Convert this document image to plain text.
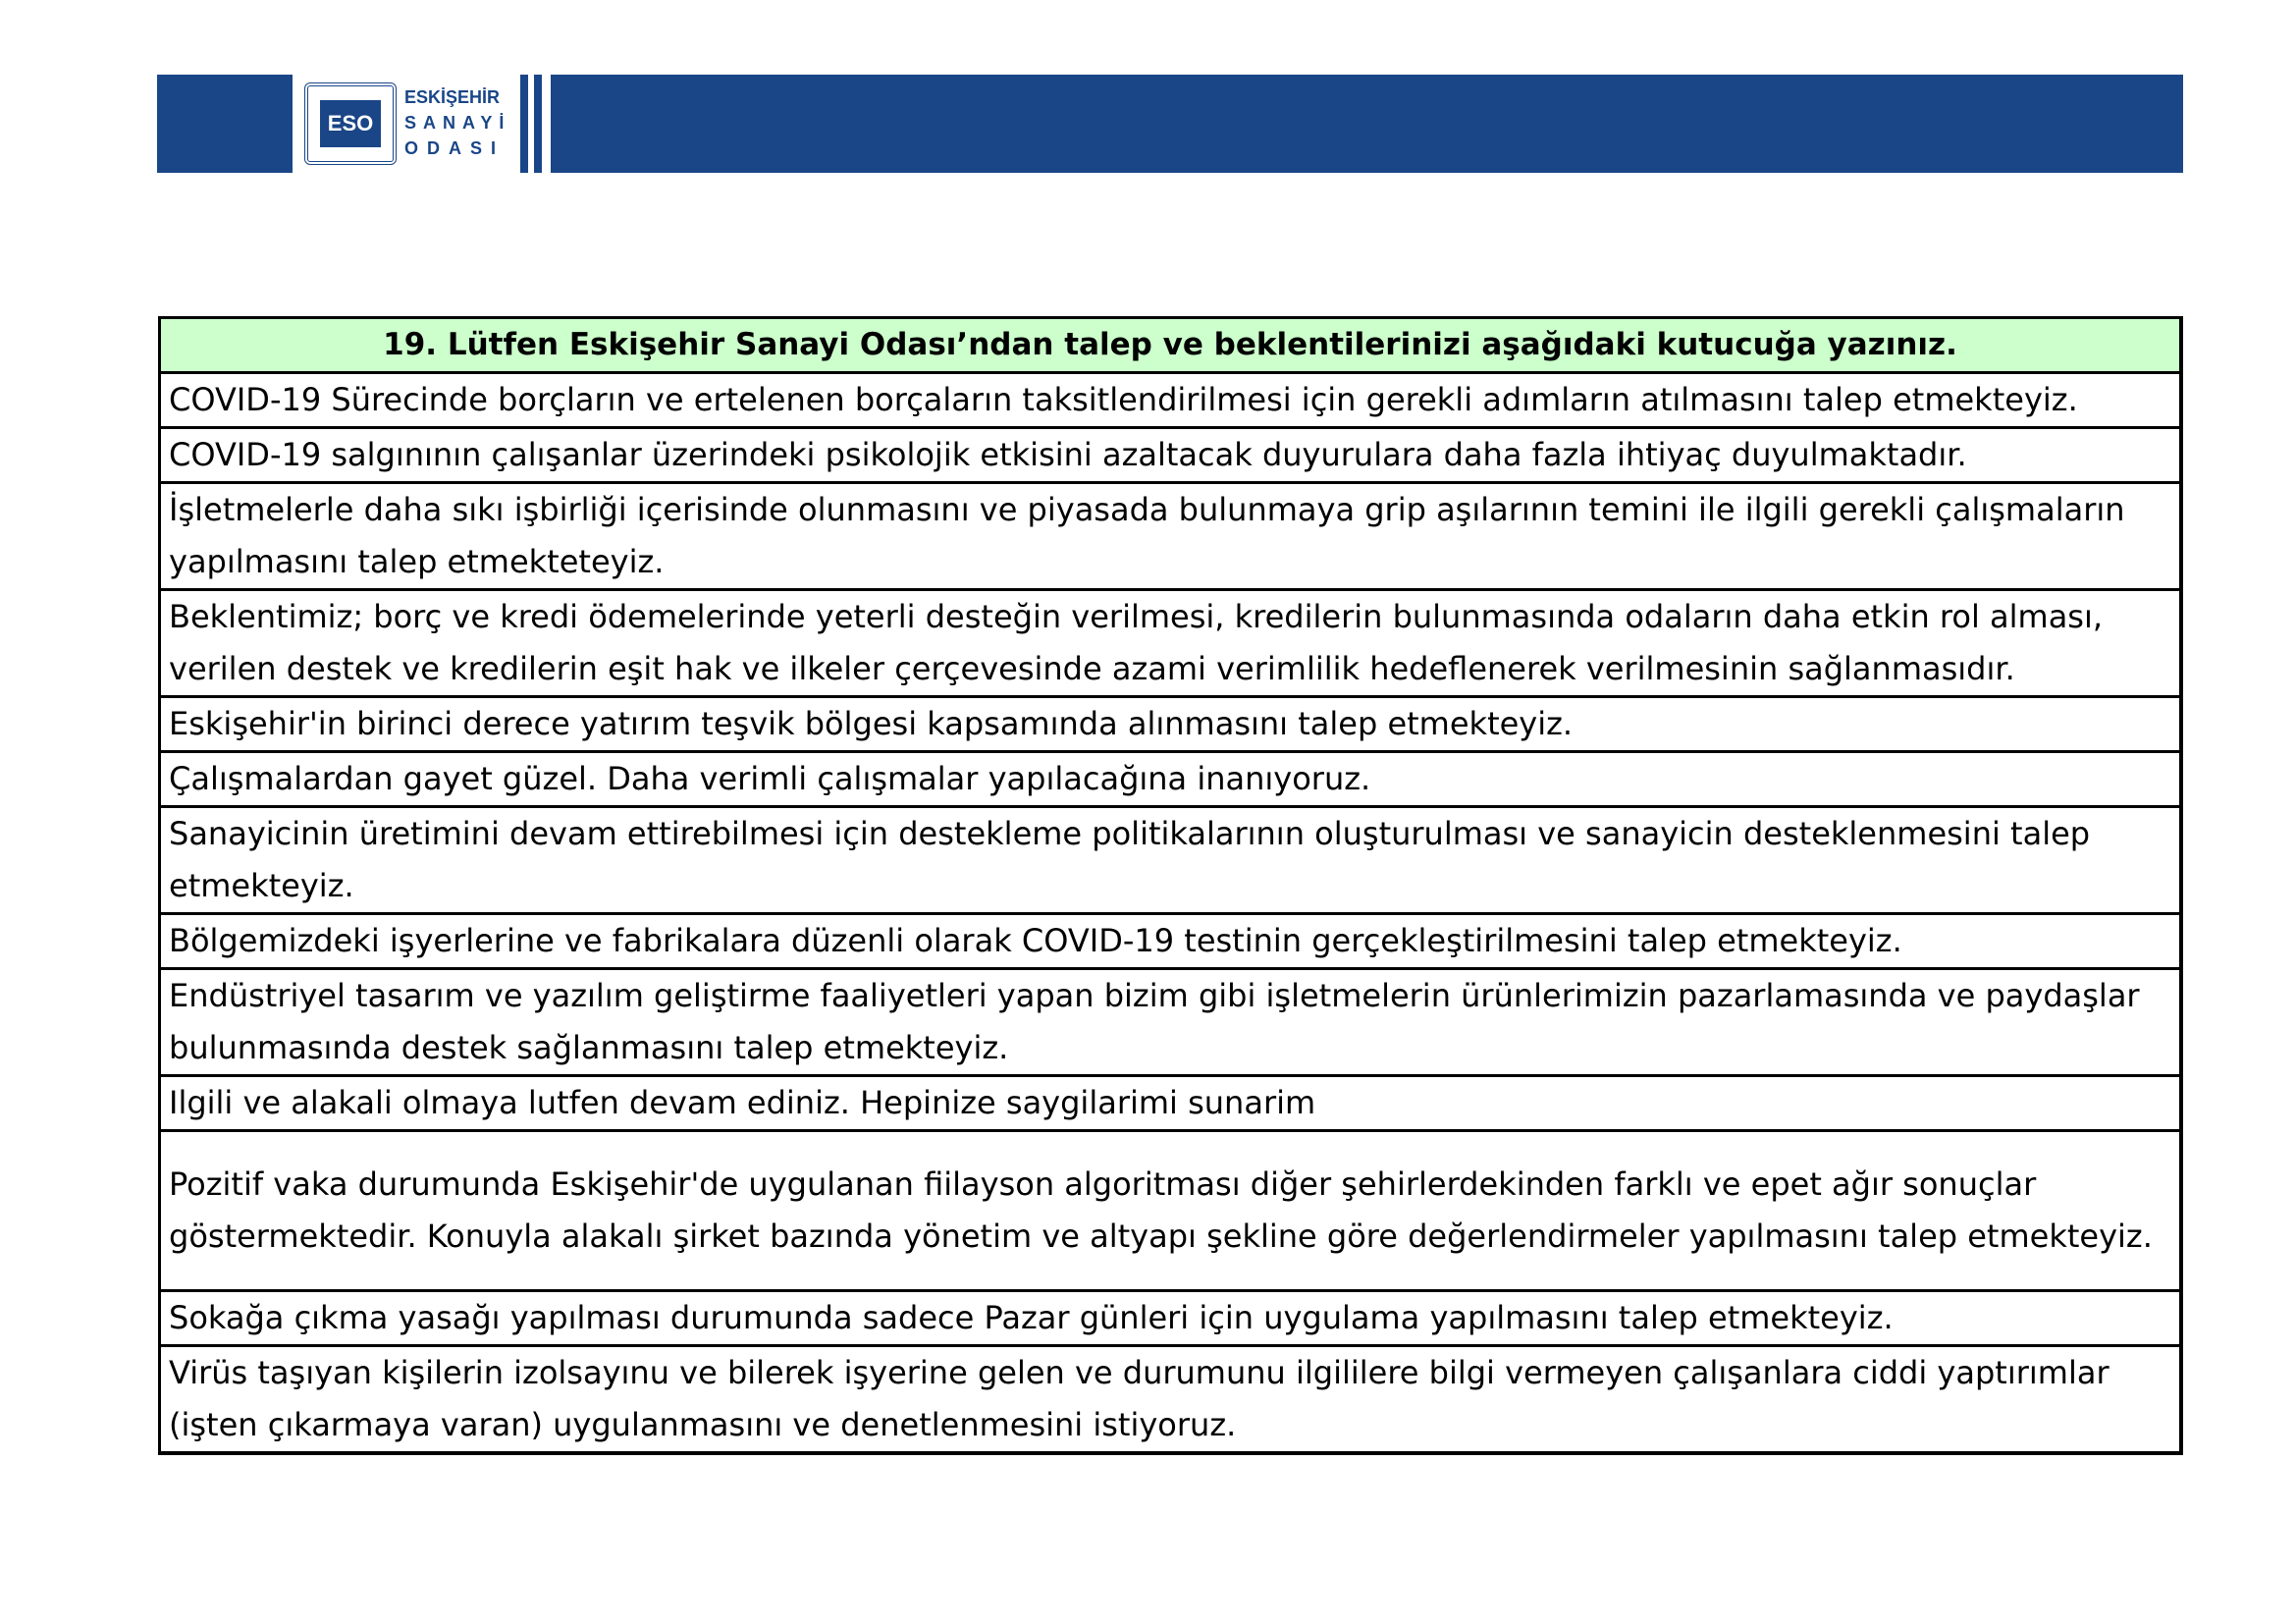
ESO
ESKİŞEHİR
SANAYİ
ODASI
19. Lütfen Eskişehir Sanayi Odası’ndan talep ve beklentilerinizi aşağıdaki kutucuğa yazınız.
COVID-19 Sürecinde borçların ve ertelenen borçaların taksitlendirilmesi için gerekli adımların atılmasını talep etmekteyiz.
COVID-19 salgınının çalışanlar üzerindeki psikolojik etkisini azaltacak duyurulara daha fazla ihtiyaç duyulmaktadır.
İşletmelerle daha sıkı işbirliği içerisinde olunmasını ve piyasada bulunmaya grip aşılarının temini ile ilgili gerekli çalışmaların yapılmasını talep etmekteteyiz.
Beklentimiz; borç ve kredi ödemelerinde yeterli desteğin verilmesi, kredilerin bulunmasında odaların daha etkin rol alması, verilen destek ve kredilerin eşit hak ve ilkeler çerçevesinde azami verimlilik hedeflenerek verilmesinin sağlanmasıdır.
Eskişehir'in birinci derece yatırım teşvik bölgesi kapsamında alınmasını talep etmekteyiz.
Çalışmalardan gayet güzel. Daha verimli çalışmalar yapılacağına inanıyoruz.
Sanayicinin üretimini devam ettirebilmesi için destekleme politikalarının oluşturulması ve sanayicin desteklenmesini talep etmekteyiz.
Bölgemizdeki işyerlerine ve fabrikalara düzenli olarak COVID-19 testinin gerçekleştirilmesini talep etmekteyiz.
Endüstriyel tasarım ve yazılım geliştirme faaliyetleri yapan bizim gibi işletmelerin ürünlerimizin pazarlamasında ve paydaşlar bulunmasında destek sağlanmasını talep etmekteyiz.
Ilgili ve alakali olmaya lutfen devam ediniz. Hepinize saygilarimi sunarim
Pozitif vaka durumunda Eskişehir'de uygulanan fiilayson algoritması diğer şehirlerdekinden farklı ve epet ağır sonuçlar göstermektedir. Konuyla alakalı şirket bazında yönetim ve altyapı şekline göre değerlendirmeler yapılmasını talep etmekteyiz.
Sokağa çıkma yasağı yapılması durumunda sadece Pazar günleri için uygulama yapılmasını talep etmekteyiz.
Virüs taşıyan kişilerin izolsayınu ve bilerek işyerine gelen ve durumunu ilgililere bilgi vermeyen çalışanlara ciddi yaptırımlar (işten çıkarmaya varan) uygulanmasını ve denetlenmesini istiyoruz.
